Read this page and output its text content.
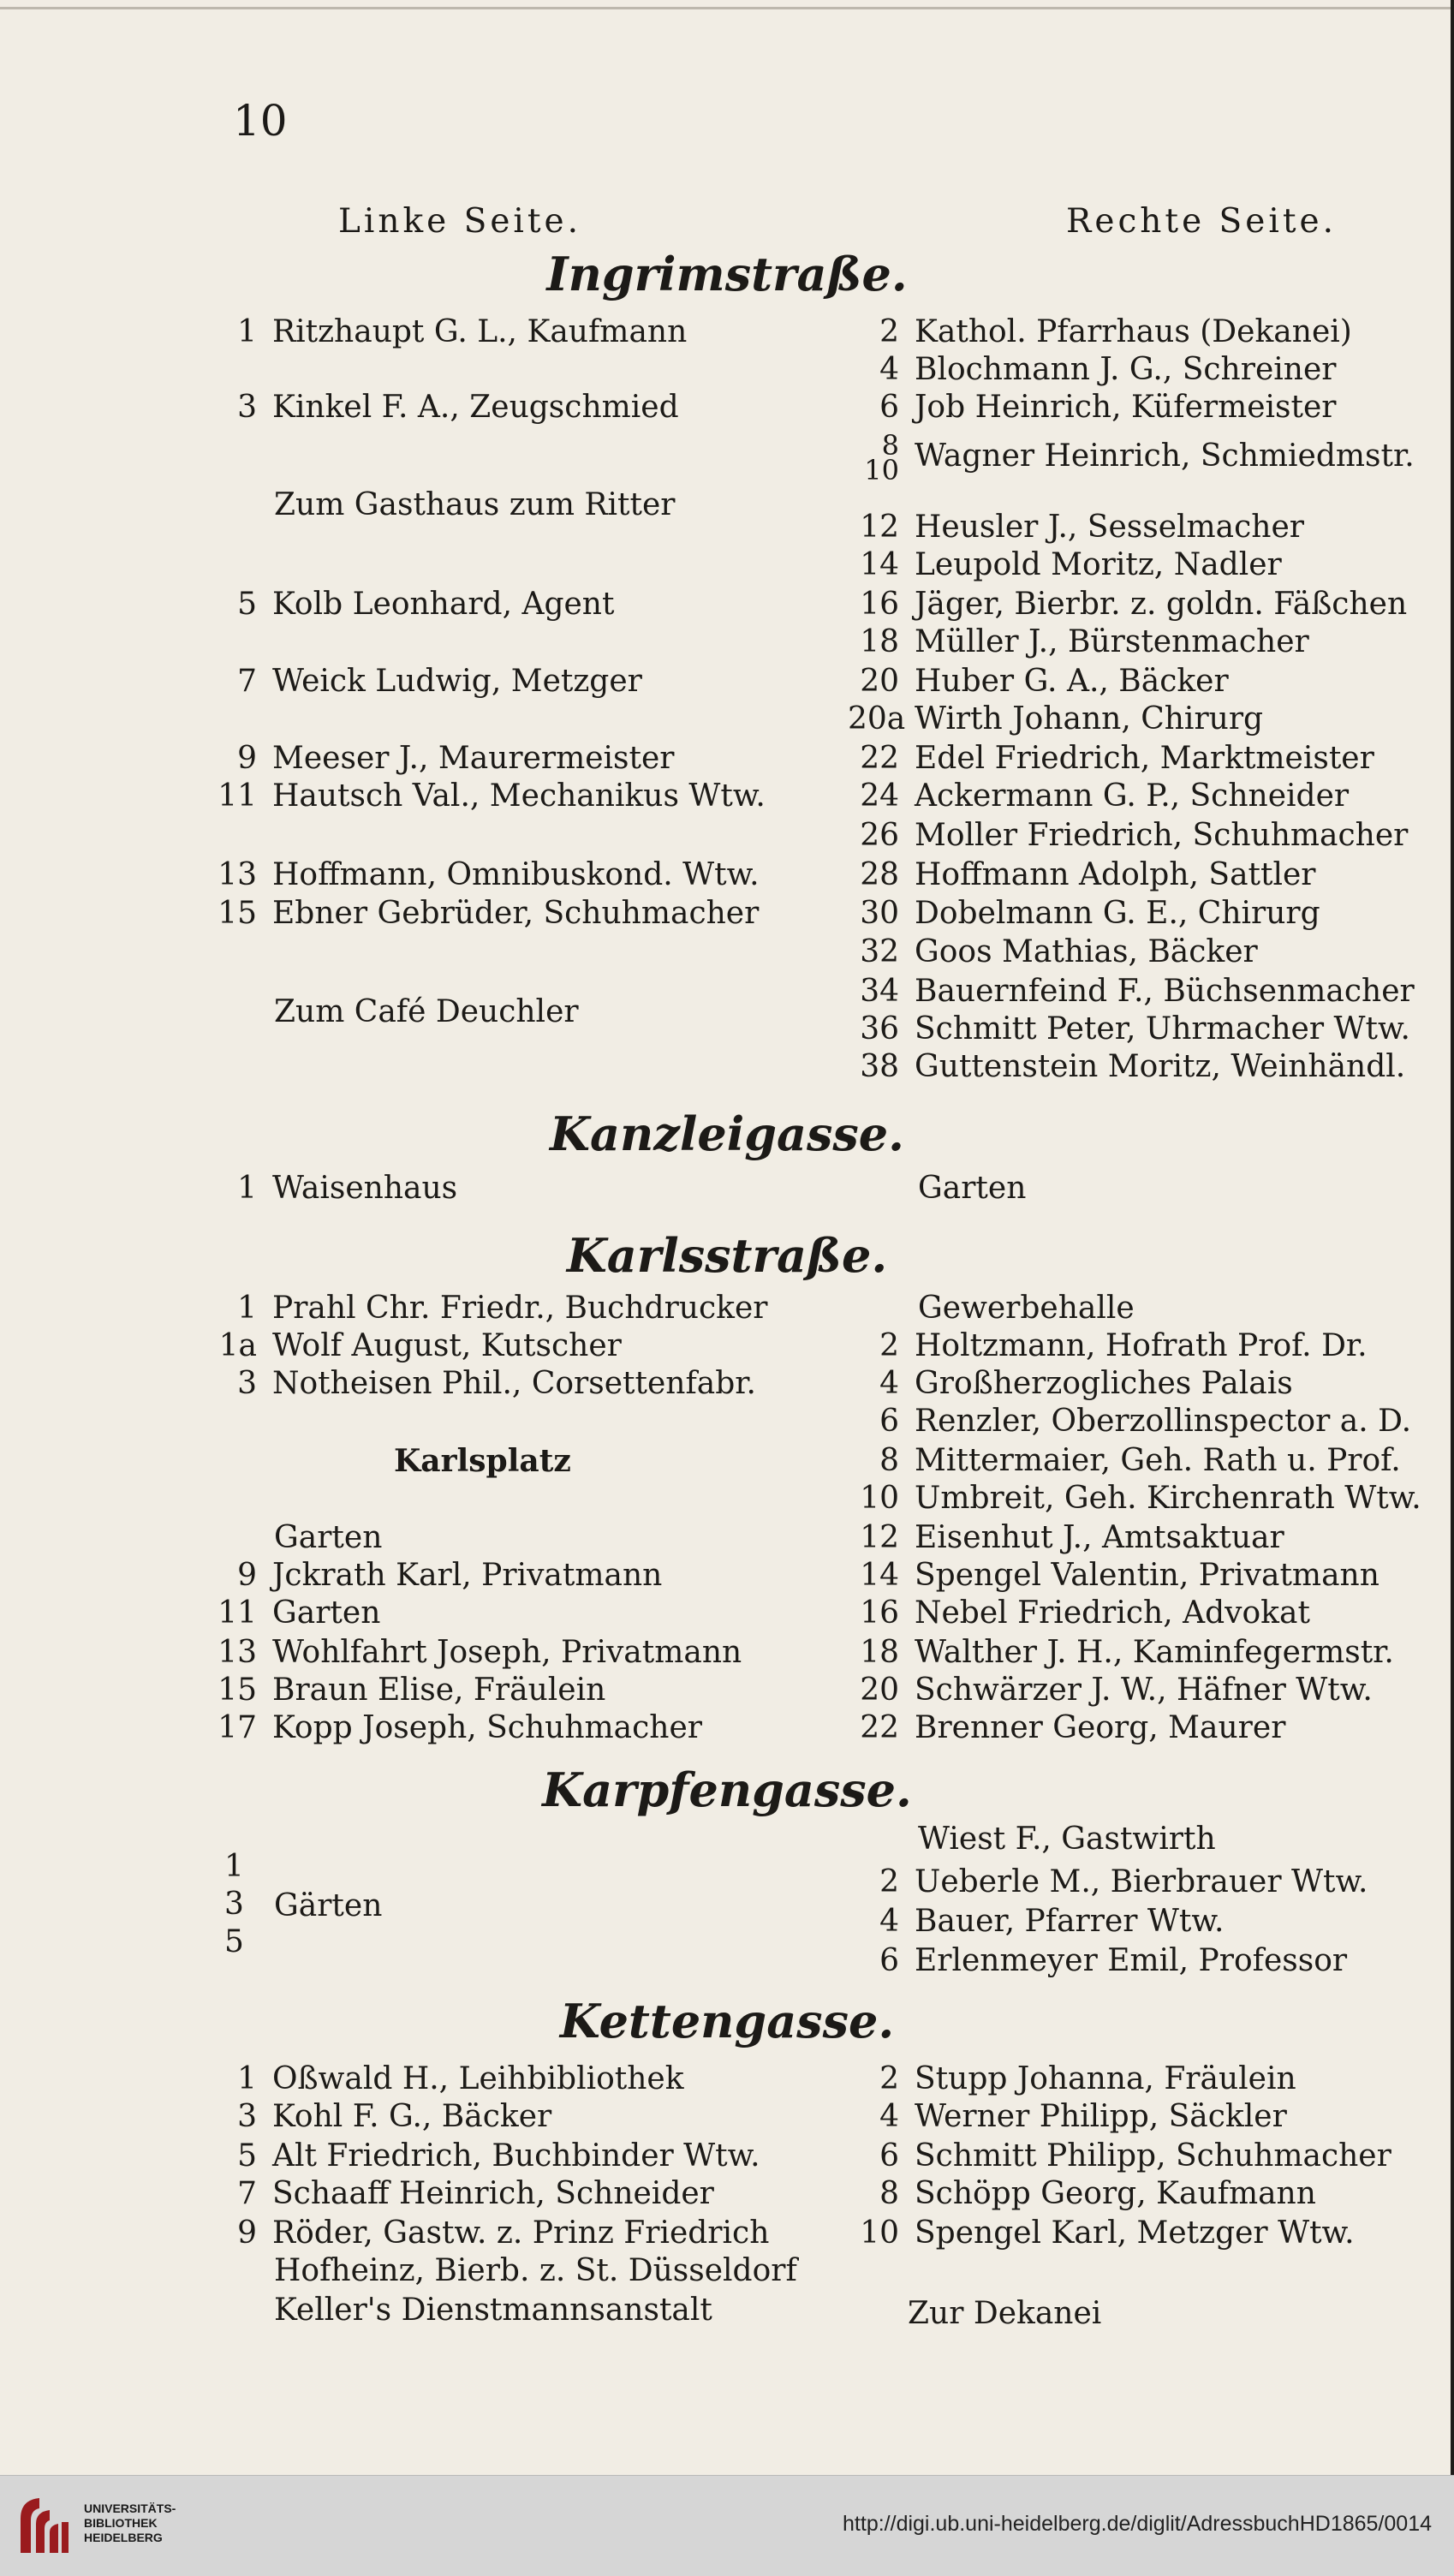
10
Linke Seite.	Rechte Seite.
Ingrimstraße.
1 Ritzhaupt G. L., Kaufmann
3 Kinkel F. A., Zeugschmied
Zum Gasthaus zum Ritter
5 Kolb Leonhard, Agent
7 Weick Ludwig, Metzger
9 Meeser J., Maurermeister
11 Hautsch Val., Mechanikus Wtw.
13 Hoffmann, Omnibuskond. Wtw.
15 Ebner Gebrüder, Schuhmacher
Zum Café Deuchler
2 Kathol. Pfarrhaus (Dekanei)
4 Blochmann J. G., Schreiner
6 Job Heinrich, Küfermeister
8
10 Wagner Heinrich, Schmiedmstr.
12 Heusler J., Sesselmacher
14 Leupold Moritz, Nadler
16 Jäger, Bierbr. z. goldn. Fäßchen
18 Müller J., Bürstenmacher
20 Huber G. A., Bäcker
20a Wirth Johann, Chirurg
22 Edel Friedrich, Marktmeister
24 Ackermann G. P., Schneider
26 Moller Friedrich, Schuhmacher
28 Hoffmann Adolph, Sattler
30 Dobelmann G. E., Chirurg
32 Goos Mathias, Bäcker
34 Bauernfeind F., Büchsenmacher
36 Schmitt Peter, Uhrmacher Wtw.
38 Guttenstein Moritz, Weinhändl.
Kanzleigasse.
1 Waisenhaus	Garten
Karlsstraße.
1 Prahl Chr. Friedr., Buchdrucker
1a Wolf August, Kutscher
3 Notheisen Phil., Corsettenfabr.
Karlsplatz
Garten
9 Jckrath Karl, Privatmann
11 Garten
13 Wohlfahrt Joseph, Privatmann
15 Braun Elise, Fräulein
17 Kopp Joseph, Schuhmacher
Gewerbehalle
2 Holtzmann, Hofrath Prof. Dr.
4 Großherzogliches Palais
6 Renzler, Oberzollinspector a. D.
8 Mittermaier, Geh. Rath u. Prof.
10 Umbreit, Geh. Kirchenrath Wtw.
12 Eisenhut J., Amtsaktuar
14 Spengel Valentin, Privatmann
16 Nebel Friedrich, Advokat
18 Walther J. H., Kaminfegermstr.
20 Schwärzer J. W., Häfner Wtw.
22 Brenner Georg, Maurer
Karpfengasse.
1
3
5
Gärten
Wiest F., Gastwirth
2 Ueberle M., Bierbrauer Wtw.
4 Bauer, Pfarrer Wtw.
6 Erlenmeyer Emil, Professor
Kettengasse.
1 Oßwald H., Leihbibliothek
3 Kohl F. G., Bäcker
5 Alt Friedrich, Buchbinder Wtw.
7 Schaaff Heinrich, Schneider
9 Röder, Gastw. z. Prinz Friedrich
Hofheinz, Bierb. z. St. Düsseldorf
Keller's Dienstmannsanstalt
2 Stupp Johanna, Fräulein
4 Werner Philipp, Säckler
6 Schmitt Philipp, Schuhmacher
8 Schöpp Georg, Kaufmann
10 Spengel Karl, Metzger Wtw.
Zur Dekanei
UNIVERSITÄTS-
BIBLIOTHEK
HEIDELBERG
http://digi.ub.uni-heidelberg.de/diglit/AdressbuchHD1865/0014
